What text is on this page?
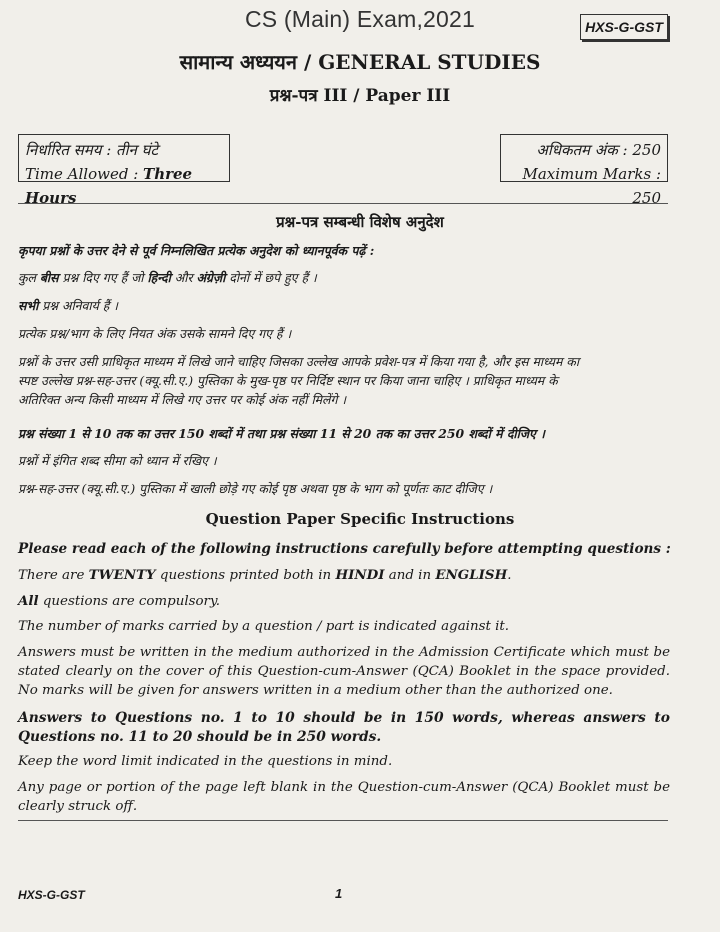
CS (Main) Exam,2021	HXS-G-GST
सामान्य अध्ययन / GENERAL STUDIES
प्रश्न-पत्र III / Paper III
निर्धारित समय : तीन घंटे
Time Allowed : Three Hours
अधिकतम अंक : 250
Maximum Marks : 250
प्रश्न-पत्र सम्बन्धी विशेष अनुदेश
कृपया प्रश्नों के उत्तर देने से पूर्व निम्नलिखित प्रत्येक अनुदेश को ध्यानपूर्वक पढ़ें :
कुल बीस प्रश्न दिए गए हैं जो हिन्दी और अंग्रेज़ी दोनों में छपे हुए हैं ।
सभी प्रश्न अनिवार्य हैं ।
प्रत्येक प्रश्न/भाग के लिए नियत अंक उसके सामने दिए गए हैं ।
प्रश्नों के उत्तर उसी प्राधिकृत माध्यम में लिखे जाने चाहिए जिसका उल्लेख आपके प्रवेश-पत्र में किया गया है, और इस माध्यम का
स्पष्ट उल्लेख प्रश्न-सह-उत्तर (क्यू.सी.ए.) पुस्तिका के मुख-पृष्ठ पर निर्दिष्ट स्थान पर किया जाना चाहिए । प्राधिकृत माध्यम के
अतिरिक्त अन्य किसी माध्यम में लिखे गए उत्तर पर कोई अंक नहीं मिलेंगे ।
प्रश्न संख्या 1 से 10 तक का उत्तर 150 शब्दों में तथा प्रश्न संख्या 11 से 20 तक का उत्तर 250 शब्दों में दीजिए ।
प्रश्नों में इंगित शब्द सीमा को ध्यान में रखिए ।
प्रश्न-सह-उत्तर (क्यू.सी.ए.) पुस्तिका में खाली छोड़े गए कोई पृष्ठ अथवा पृष्ठ के भाग को पूर्णतः काट दीजिए ।
Question Paper Specific Instructions
Please read each of the following instructions carefully before attempting questions :
There are TWENTY questions printed both in HINDI and in ENGLISH.
All questions are compulsory.
The number of marks carried by a question / part is indicated against it.
Answers must be written in the medium authorized in the Admission Certificate which must be
stated clearly on the cover of this Question-cum-Answer (QCA) Booklet in the space provided.
No marks will be given for answers written in a medium other than the authorized one.
Answers to Questions no. 1 to 10 should be in 150 words, whereas answers to
Questions no. 11 to 20 should be in 250 words.
Keep the word limit indicated in the questions in mind.
Any page or portion of the page left blank in the Question-cum-Answer (QCA) Booklet must be
clearly struck off.
HXS-G-GST	1
